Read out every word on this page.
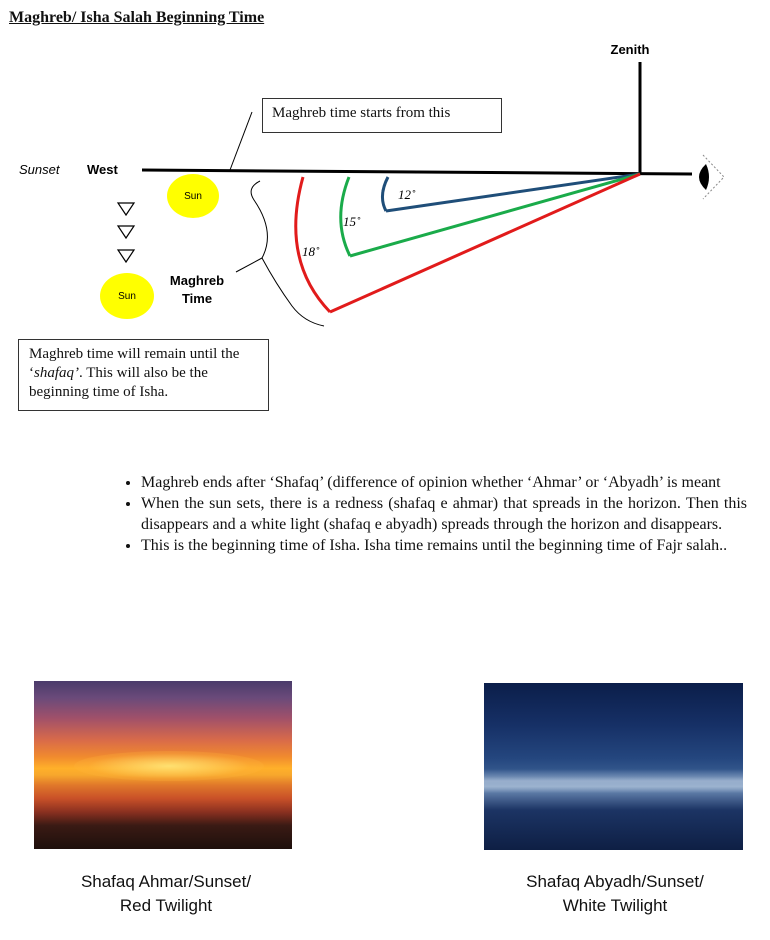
Maghreb/ Isha Salah Beginning Time
Zenith
Sunset West
12˚
15˚
18˚
Sun
Sun
Maghreb
Time
Maghreb time starts from this
Maghreb time will remain until the ‘shafaq’. This will also be the beginning time of Isha.
• Maghreb ends after ‘Shafaq’ (difference of opinion whether ‘Ahmar’ or ‘Abyadh’ is meant
• When the sun sets, there is a redness (shafaq e ahmar) that spreads in the horizon. Then this disappears and a white light (shafaq e abyadh) spreads through the horizon and disappears.
• This is the beginning time of Isha. Isha time remains until the beginning time of Fajr salah..
Shafaq Ahmar/Sunset/
Red Twilight
Shafaq Abyadh/Sunset/
White Twilight
